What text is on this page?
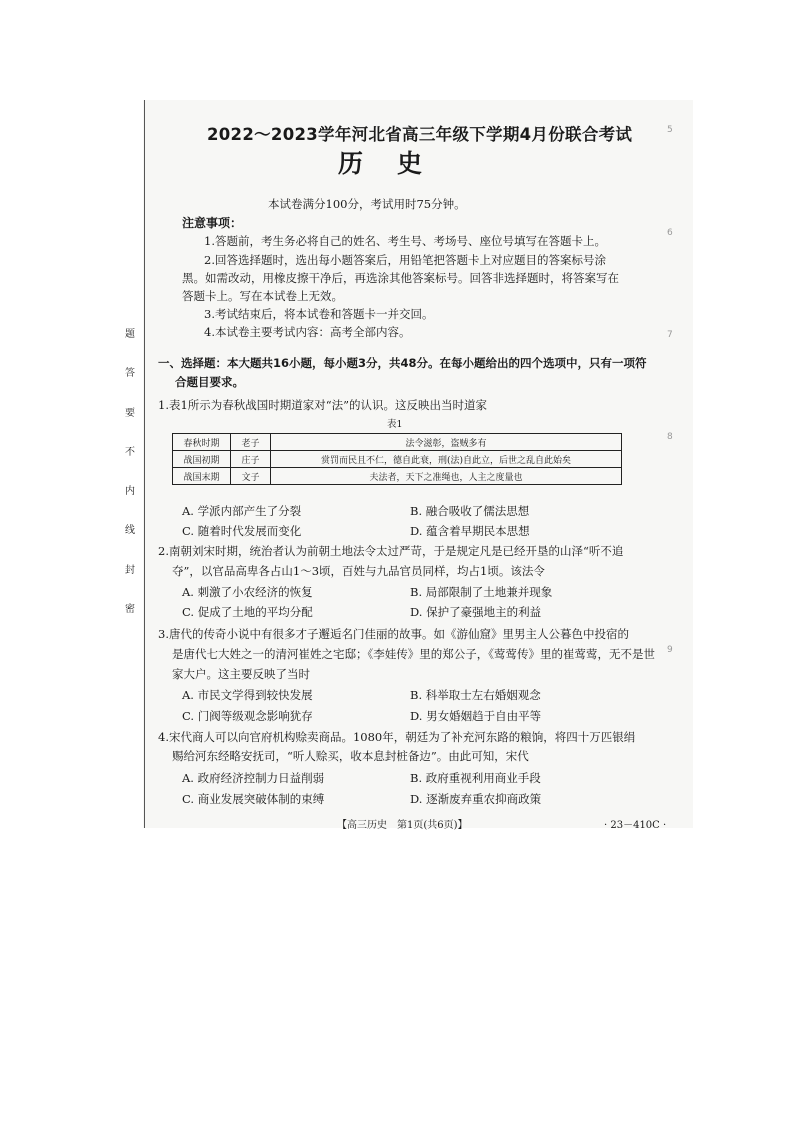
题
答
要
不
内
线
封
密
5
6
7
8
9
2022～2023学年河北省高三年级下学期4月份联合考试
历史
本试卷满分100分，考试用时75分钟。
注意事项：
1.答题前，考生务必将自己的姓名、考生号、考场号、座位号填写在答题卡上。
2.回答选择题时，选出每小题答案后，用铅笔把答题卡上对应题目的答案标号涂
黑。如需改动，用橡皮擦干净后，再选涂其他答案标号。回答非选择题时，将答案写在
答题卡上。写在本试卷上无效。
3.考试结束后，将本试卷和答题卡一并交回。
4.本试卷主要考试内容：高考全部内容。
一、选择题：本大题共16小题，每小题3分，共48分。在每小题给出的四个选项中，只有一项符
合题目要求。
1.表1所示为春秋战国时期道家对“法”的认识。这反映出当时道家
表1
春秋时期	老子	法令滋彰，盗贼多有
战国初期	庄子	赏罚而民且不仁，德自此衰，刑(法)自此立，后世之乱自此始矣
战国末期	文子	夫法者，天下之准绳也，人主之度量也
A. 学派内部产生了分裂	B. 融合吸收了儒法思想
C. 随着时代发展而变化	D. 蕴含着早期民本思想
2.南朝刘宋时期，统治者认为前朝土地法令太过严苛，于是规定凡是已经开垦的山泽“听不追
夺”，以官品高卑各占山1～3顷，百姓与九品官员同样，均占1顷。该法令
A. 刺激了小农经济的恢复	B. 局部限制了土地兼并现象
C. 促成了土地的平均分配	D. 保护了豪强地主的利益
3.唐代的传奇小说中有很多才子邂逅名门佳丽的故事。如《游仙窟》里男主人公暮色中投宿的
是唐代七大姓之一的清河崔姓之宅邸；《李娃传》里的郑公子，《莺莺传》里的崔莺莺，无不是世
家大户。这主要反映了当时
A. 市民文学得到较快发展	B. 科举取士左右婚姻观念
C. 门阀等级观念影响犹存	D. 男女婚姻趋于自由平等
4.宋代商人可以向官府机构赊卖商品。1080年，朝廷为了补充河东路的粮饷，将四十万匹银绢
赐给河东经略安抚司，“听人赊买，收本息封桩备边”。由此可知，宋代
A. 政府经济控制力日益削弱	B. 政府重视利用商业手段
C. 商业发展突破体制的束缚	D. 逐渐废弃重农抑商政策
【高三历史　第1页(共6页)】	· 23－410C ·
